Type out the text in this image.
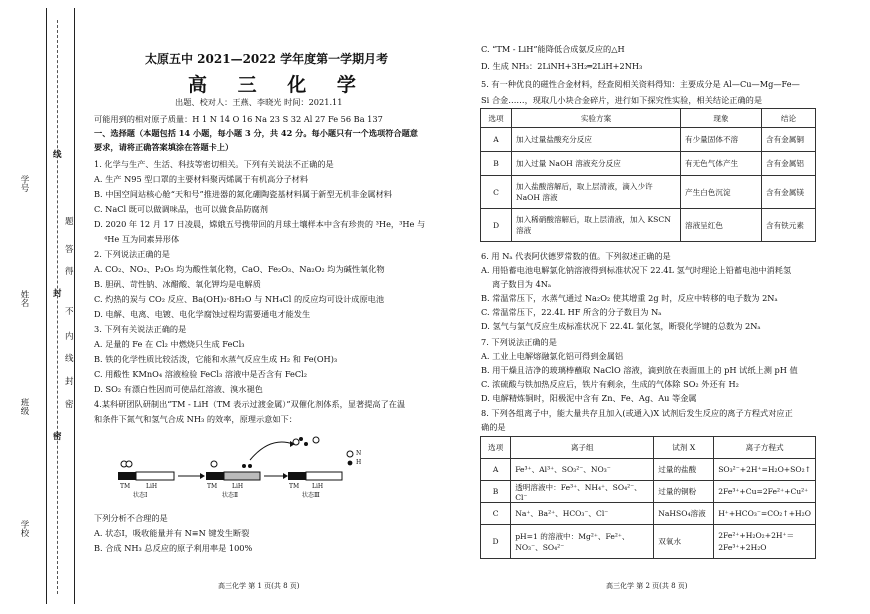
学号
姓名
班级
学校
线
封
密
题
答
得
不
内
线
封
密
太原五中 2021—2022 学年度第一学期月考
高 三 化 学
出题、校对人：王燕、李晓光 时间：2021.11
可能用到的相对原子质量：H 1 N 14 O 16 Na 23 S 32 Al 27 Fe 56 Ba 137
一、选择题（本题包括 14 小题，每小题 3 分，共 42 分。每小题只有一个选项符合题意
要求，请将正确答案填涂在答题卡上）
1. 化学与生产、生活、科技等密切相关。下列有关说法不正确的是
A. 生产 N95 型口罩的主要材料聚丙烯属于有机高分子材料
B. 中国空间站核心舱“天和号”推进器的氮化硼陶瓷基材料属于新型无机非金属材料
C. NaCl 既可以做调味品，也可以做食品防腐剂
D. 2020 年 12 月 17 日凌晨，嫦娥五号携带回的月球土壤样本中含有珍贵的 ³He，³He 与
⁴He 互为同素异形体
2. 下列说法正确的是
A. CO₂、NO₂、P₂O₅ 均为酸性氧化物，CaO、Fe₂O₃、Na₂O₂ 均为碱性氧化物
B. 胆矾、苛性钠、冰醋酸、氧化钾均是电解质
C. 灼热的炭与 CO₂ 反应、Ba(OH)₂·8H₂O 与 NH₄Cl 的反应均可设计成原电池
D. 电解、电离、电镀、电化学腐蚀过程均需要通电才能发生
3. 下列有关说法正确的是
A. 足量的 Fe 在 Cl₂ 中燃烧只生成 FeCl₃
B. 铁的化学性质比较活泼，它能和水蒸气反应生成 H₂ 和 Fe(OH)₃
C. 用酸性 KMnO₄ 溶液检验 FeCl₃ 溶液中是否含有 FeCl₂
D. SO₂ 有漂白性因而可使品红溶液、溴水褪色
4.某科研团队研制出“TM - LiH（TM 表示过渡金属）”双催化剂体系，显著提高了在温
和条件下氮气和氢气合成 NH₃ 的效率，原理示意如下：
TM	LiH	TM LiH	TM LiH
状态Ⅰ	状态Ⅱ	状态Ⅲ
N
H
下列分析不合理的是
A. 状态Ⅰ，吸收能量并有 N≡N 键发生断裂
B. 合成 NH₃ 总反应的原子利用率是 100%
高三化学 第 1 页(共 8 页)
C. “TM - LiH”能降低合成氨反应的△H
D. 生成 NH₃：2LiNH+3H₂═2LiH+2NH₃
5. 有一种优良的磁性合金材料，经查阅相关资料得知：主要成分是 Al—Cu—Mg—Fe—
Si 合金……，现取几小块合金碎片，进行如下探究性实验，相关结论正确的是
选项	实验方案	现象	结论
A	加入过量盐酸充分反应	有少量固体不溶	含有金属铜
B	加入过量 NaOH 溶液充分反应	有无色气体产生	含有金属铝
C	加入盐酸溶解后，取上层清液，滴入少许 NaOH 溶液	产生白色沉淀	含有金属镁
D	加入稀硝酸溶解后，取上层清液，加入 KSCN 溶液	溶液呈红色	含有铁元素
6. 用 Nₐ 代表阿伏德罗常数的值。下列叙述正确的是
A. 用铅蓄电池电解氯化钠溶液得到标准状况下 22.4L 氢气时理论上铅蓄电池中消耗氢
离子数目为 4Nₐ
B. 常温常压下，水蒸气通过 Na₂O₂ 使其增重 2g 时，反应中转移的电子数为 2Nₐ
C. 常温常压下，22.4L HF 所含的分子数目为 Nₐ
D. 氢气与氯气反应生成标准状况下 22.4L 氯化氢，断裂化学键的总数为 2Nₐ
7. 下列说法正确的是
A. 工业上电解熔融氯化铝可得到金属铝
B. 用干燥且洁净的玻璃棒蘸取 NaClO 溶液，滴到放在表面皿上的 pH 试纸上测 pH 值
C. 浓硫酸与铁加热反应后，铁片有剩余，生成的气体除 SO₂ 外还有 H₂
D. 电解精炼铜时，阳极泥中含有 Zn、Fe、Ag、Au 等金属
8. 下列各组离子中，能大量共存且加入(或通入)X 试剂后发生反应的离子方程式对应正
确的是
选项	离子组	试剂 X	离子方程式
A	Fe³⁺、Al³⁺、SO₃²⁻、NO₃⁻	过量的盐酸	SO₃²⁻+2H⁺=H₂O+SO₂↑
B	透明溶液中：Fe³⁺、NH₄⁺、SO₄²⁻、Cl⁻	过量的铜粉	2Fe³⁺+Cu=2Fe²⁺+Cu²⁺
C	Na⁺、Ba²⁺、HCO₃⁻、Cl⁻	NaHSO₄溶液	H⁺+HCO₃⁻=CO₂↑+H₂O
D	pH=1 的溶液中：Mg²⁺、Fe²⁺、NO₃⁻、SO₄²⁻	双氧水	2Fe²⁺+H₂O₂+2H⁺＝ 2Fe³⁺+2H₂O
高三化学 第 2 页(共 8 页)
